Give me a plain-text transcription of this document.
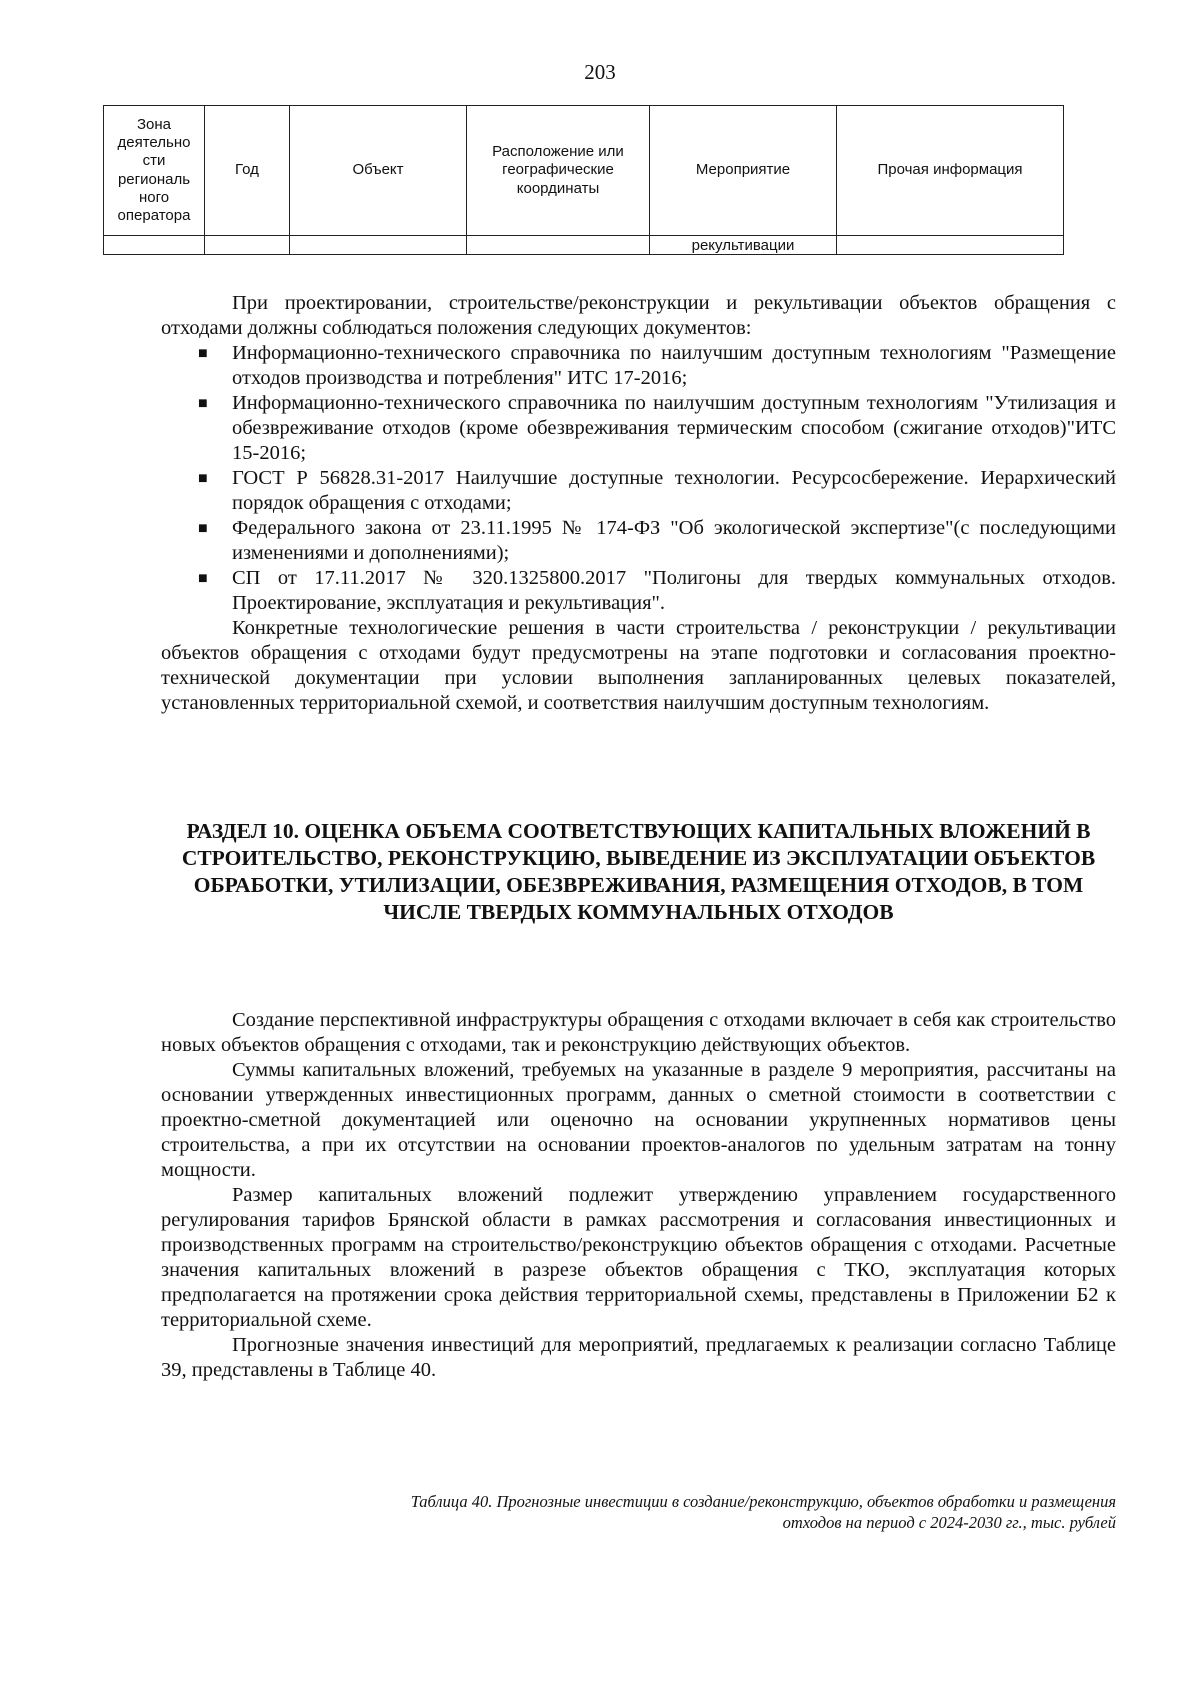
203
Зона деятельно сти региональ ного оператора	Год	Объект	Расположение или географические координаты	Мероприятие	Прочая информация
				рекультивации	

При проектировании, строительстве/реконструкции и рекультивации объектов обращения с отходами должны соблюдаться положения следующих документов:

■ Информационно-технического справочника по наилучшим доступным технологиям "Размещение отходов производства и потребления" ИТС 17-2016;
■ Информационно-технического справочника по наилучшим доступным технологиям "Утилизация и обезвреживание отходов (кроме обезвреживания термическим способом (сжигание отходов)"ИТС 15-2016;
■ ГОСТ Р 56828.31-2017 Наилучшие доступные технологии. Ресурсосбережение. Иерархический порядок обращения с отходами;
■ Федерального закона от 23.11.1995 № 174-ФЗ "Об экологической экспертизе"(с последующими изменениями и дополнениями);
■ СП от 17.11.2017 № 320.1325800.2017 "Полигоны для твердых коммунальных отходов. Проектирование, эксплуатация и рекультивация".

Конкретные технологические решения в части строительства / реконструкции / рекультивации объектов обращения с отходами будут предусмотрены на этапе подготовки и согласования проектно-технической документации при условии выполнения запланированных целевых показателей, установленных территориальной схемой, и соответствия наилучшим доступным технологиям.

РАЗДЕЛ 10. ОЦЕНКА ОБЪЕМА СООТВЕТСТВУЮЩИХ КАПИТАЛЬНЫХ ВЛОЖЕНИЙ В СТРОИТЕЛЬСТВО, РЕКОНСТРУКЦИЮ, ВЫВЕДЕНИЕ ИЗ ЭКСПЛУАТАЦИИ ОБЪЕКТОВ ОБРАБОТКИ, УТИЛИЗАЦИИ, ОБЕЗВРЕЖИВАНИЯ, РАЗМЕЩЕНИЯ ОТХОДОВ, В ТОМ ЧИСЛЕ ТВЕРДЫХ КОММУНАЛЬНЫХ ОТХОДОВ

Создание перспективной инфраструктуры обращения с отходами включает в себя как строительство новых объектов обращения с отходами, так и реконструкцию действующих объектов.

Суммы капитальных вложений, требуемых на указанные в разделе 9 мероприятия, рассчитаны на основании утвержденных инвестиционных программ, данных о сметной стоимости в соответствии с проектно-сметной документацией или оценочно на основании укрупненных нормативов цены строительства, а при их отсутствии на основании проектов-аналогов по удельным затратам на тонну мощности.

Размер капитальных вложений подлежит утверждению управлением государственного регулирования тарифов Брянской области в рамках рассмотрения и согласования инвестиционных и производственных программ на строительство/реконструкцию объектов обращения с отходами. Расчетные значения капитальных вложений в разрезе объектов обращения с ТКО, эксплуатация которых предполагается на протяжении срока действия территориальной схемы, представлены в Приложении Б2 к территориальной схеме.

Прогнозные значения инвестиций для мероприятий, предлагаемых к реализации согласно Таблице 39, представлены в Таблице 40.

Таблица 40. Прогнозные инвестиции в создание/реконструкцию, объектов обработки и размещения
отходов на период с 2024-2030 гг., тыс. рублей
